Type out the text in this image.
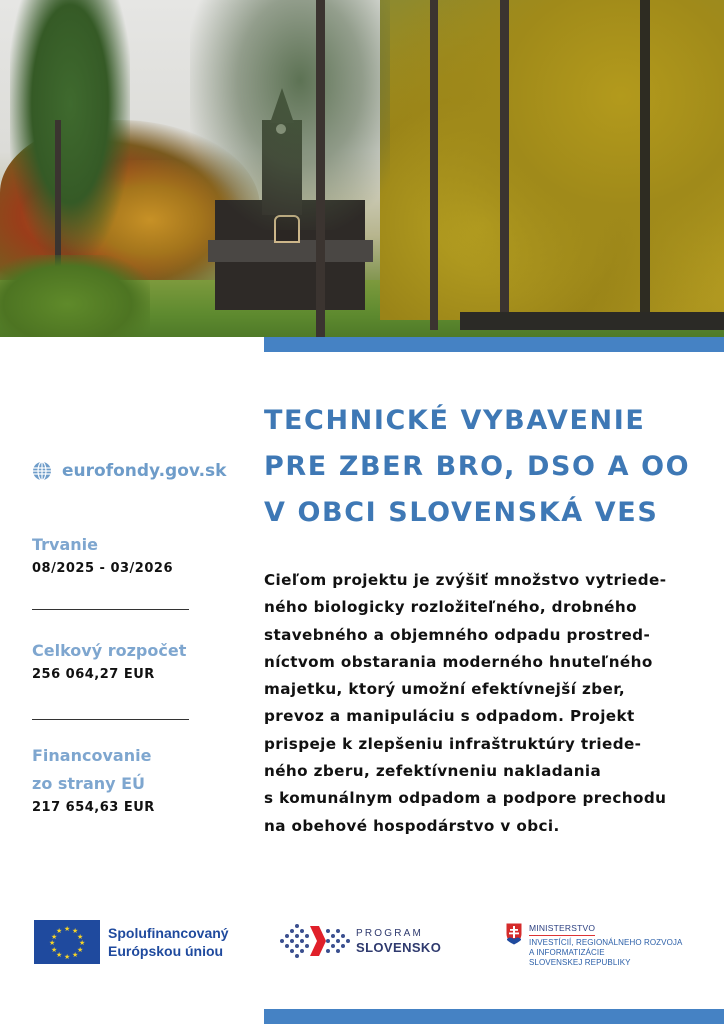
TECHNICKÉ VYBAVENIE
PRE ZBER BRO, DSO A OO
V OBCI SLOVENSKÁ VES
eurofondy.gov.sk
Trvanie
08/2025 - 03/2026
Celkový rozpočet
256 064,27 EUR
Financovanie
zo strany EÚ
217 654,63 EUR
Cieľom projektu je zvýšiť množstvo vytriede-
ného biologicky rozložiteľného, drobného
stavebného a objemného odpadu prostred-
níctvom obstarania moderného hnuteľného
majetku, ktorý umožní efektívnejší zber,
prevoz a manipuláciu s odpadom. Projekt
prispeje k zlepšeniu infraštruktúry triede-
ného zberu, zefektívneniu nakladania
s komunálnym odpadom a podpore prechodu
na obehové hospodárstvo v obci.
★ ★
★
★
★
★
★
★
★
★
★
★	Spolufinancovaný
Európskou úniou
PROGRAM
SLOVENSKO
MINISTERSTVO
INVESTÍCIÍ, REGIONÁLNEHO ROZVOJA
A INFORMATIZÁCIE
SLOVENSKEJ REPUBLIKY
